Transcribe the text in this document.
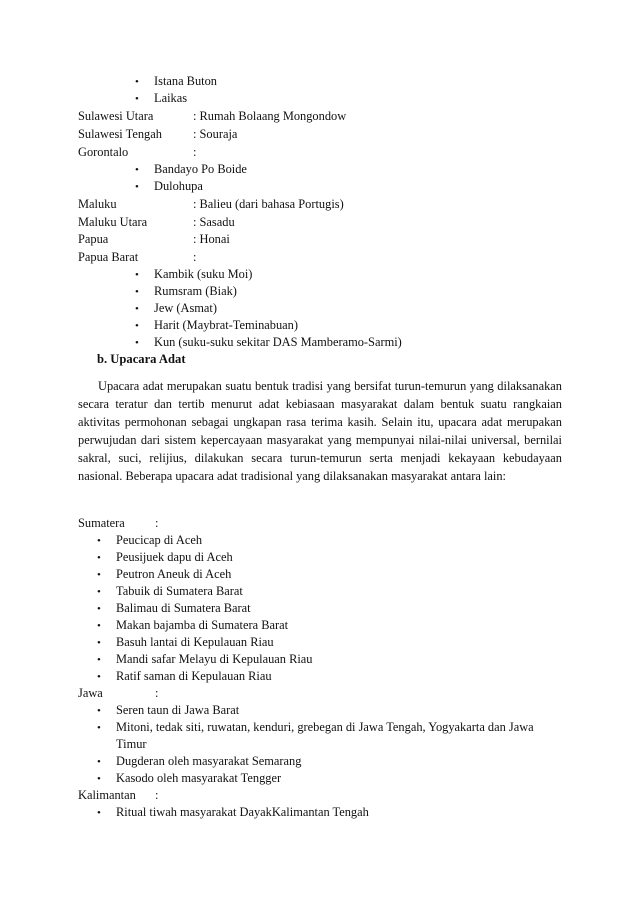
•
Istana Buton
•
Laikas
Sulawesi Utara	: Rumah Bolaang Mongondow
Sulawesi Tengah	: Souraja
Gorontalo	:
•
Bandayo Po Boide
•
Dulohupa
Maluku	: Balieu (dari bahasa Portugis)
Maluku Utara	: Sasadu
Papua	: Honai
Papua Barat	:
•
Kambik (suku Moi)
•
Rumsram (Biak)
•
Jew (Asmat)
•
Harit (Maybrat-Teminabuan)
•
Kun (suku-suku sekitar DAS Mamberamo-Sarmi)
b. Upacara Adat

Upacara adat merupakan suatu bentuk tradisi yang bersifat turun-temurun yang dilaksanakan secara teratur dan tertib menurut adat kebiasaan masyarakat dalam bentuk suatu rangkaian aktivitas permohonan sebagai ungkapan rasa terima kasih. Selain itu, upacara adat merupakan perwujudan dari sistem kepercayaan masyarakat yang mempunyai nilai-nilai universal, bernilai sakral, suci, relijius, dilakukan secara turun-temurun serta menjadi kekayaan kebudayaan nasional. Beberapa upacara adat tradisional yang dilaksanakan masyarakat antara lain:

Sumatera :
•
Peucicap di Aceh
•
Peusijuek dapu di Aceh
•
Peutron Aneuk di Aceh
•
Tabuik di Sumatera Barat
•
Balimau di Sumatera Barat
•
Makan bajamba di Sumatera Barat
•
Basuh lantai di Kepulauan Riau
•
Mandi safar Melayu di Kepulauan Riau
•
Ratif saman di Kepulauan Riau
Jawa	:
•
Seren taun di Jawa Barat
•
Mitoni, tedak siti, ruwatan, kenduri, grebegan di Jawa Tengah, Yogyakarta dan Jawa
Timur
•
Dugderan oleh masyarakat Semarang
•
Kasodo oleh masyarakat Tengger
Kalimantan :
•
Ritual tiwah masyarakat DayakKalimantan Tengah
